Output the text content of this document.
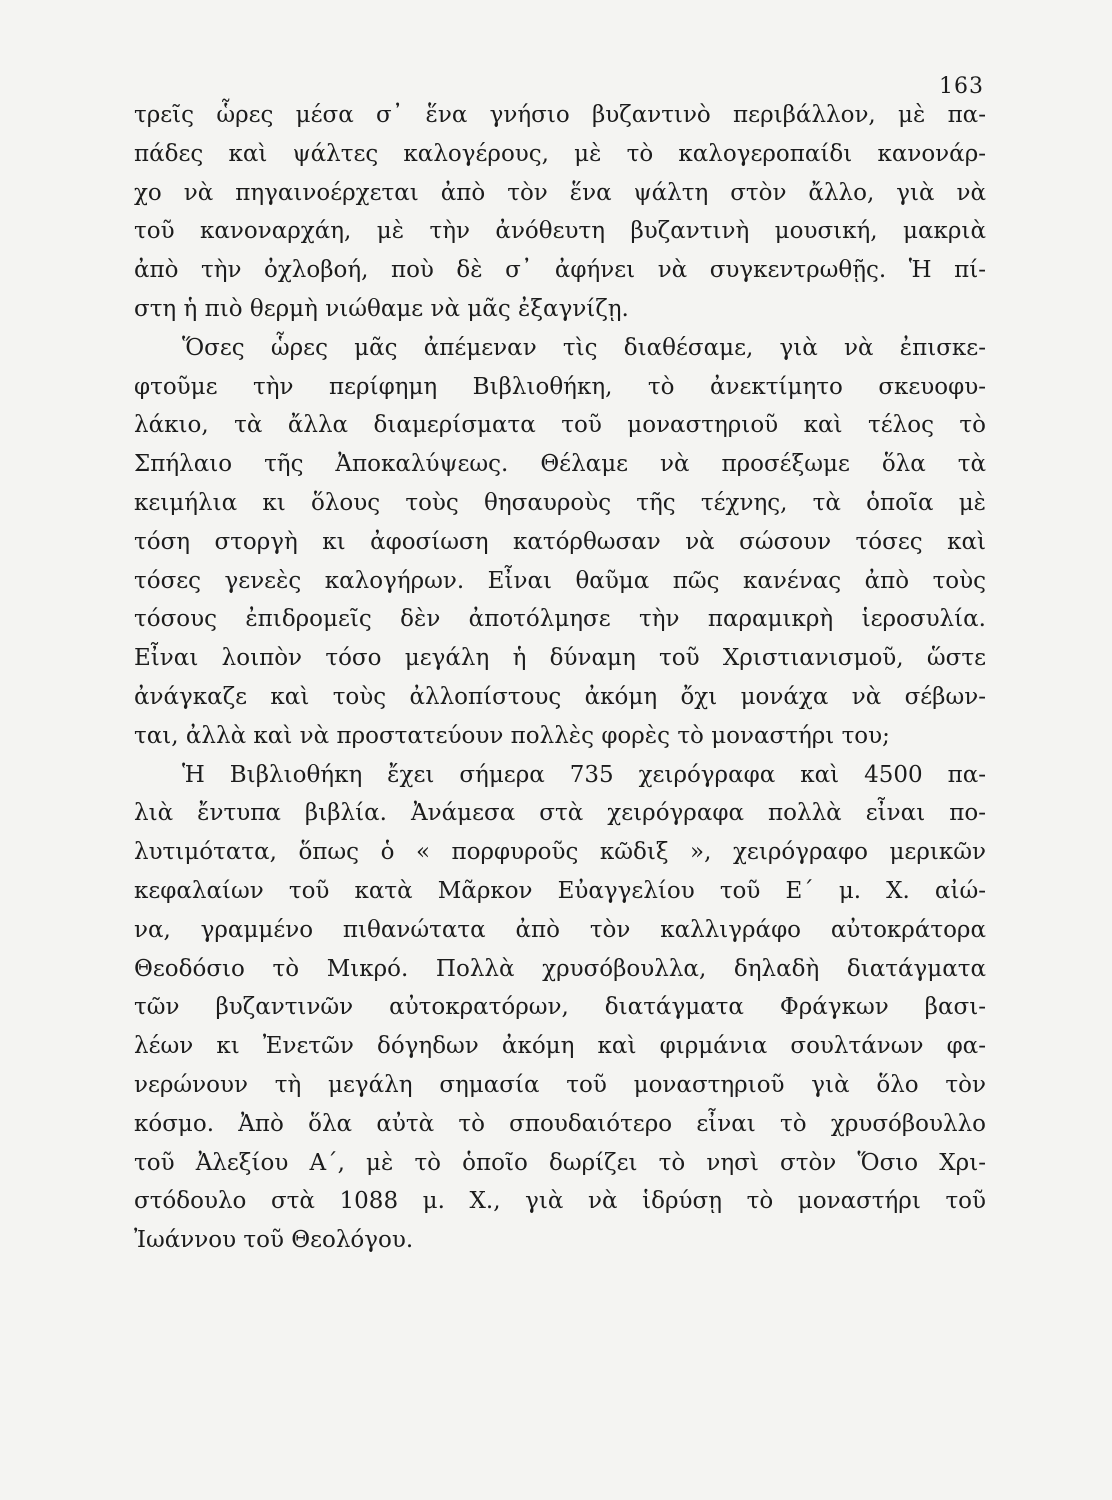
163
τρεῖς ὧρες μέσα σ᾽ ἕνα γνήσιο βυζαντινὸ περιβάλλον, μὲ πα-
πάδες καὶ ψάλτες καλογέρους, μὲ τὸ καλογεροπαίδι κανονάρ-
χο νὰ πηγαινοέρχεται ἀπὸ τὸν ἕνα ψάλτη στὸν ἄλλο, γιὰ νὰ
τοῦ κανοναρχάη, μὲ τὴν ἀνόθευτη βυζαντινὴ μουσική, μακριὰ
ἀπὸ τὴν ὀχλοβοή, ποὺ δὲ σ᾽ ἀφήνει νὰ συγκεντρωθῇς. Ἡ πί-
στη ἡ πιὸ θερμὴ νιώθαμε νὰ μᾶς ἐξαγνίζῃ.
Ὅσες ὧρες μᾶς ἀπέμεναν τὶς διαθέσαμε, γιὰ νὰ ἐπισκε-
φτοῦμε τὴν περίφημη Βιβλιοθήκη, τὸ ἀνεκτίμητο σκευοφυ-
λάκιο, τὰ ἄλλα διαμερίσματα τοῦ μοναστηριοῦ καὶ τέλος τὸ
Σπήλαιο τῆς Ἀποκαλύψεως. Θέλαμε νὰ προσέξωμε ὅλα τὰ
κειμήλια κι ὅλους τοὺς θησαυροὺς τῆς τέχνης, τὰ ὁποῖα μὲ
τόση στοργὴ κι ἀφοσίωση κατόρθωσαν νὰ σώσουν τόσες καὶ
τόσες γενεὲς καλογήρων. Εἶναι θαῦμα πῶς κανένας ἀπὸ τοὺς
τόσους ἐπιδρομεῖς δὲν ἀποτόλμησε τὴν παραμικρὴ ἱεροσυλία.
Εἶναι λοιπὸν τόσο μεγάλη ἡ δύναμη τοῦ Χριστιανισμοῦ, ὥστε
ἀνάγκαζε καὶ τοὺς ἀλλοπίστους ἀκόμη ὄχι μονάχα νὰ σέβων-
ται, ἀλλὰ καὶ νὰ προστατεύουν πολλὲς φορὲς τὸ μοναστήρι του;
Ἡ Βιβλιοθήκη ἔχει σήμερα 735 χειρόγραφα καὶ 4500 πα-
λιὰ ἔντυπα βιβλία. Ἀνάμεσα στὰ χειρόγραφα πολλὰ εἶναι πο-
λυτιμότατα, ὅπως ὁ « πορφυροῦς κῶδιξ », χειρόγραφο μερικῶν
κεφαλαίων τοῦ κατὰ Μᾶρκον Εὐαγγελίου τοῦ Ε΄ μ. Χ. αἰώ-
να, γραμμένο πιθανώτατα ἀπὸ τὸν καλλιγράφο αὐτοκράτορα
Θεοδόσιο τὸ Μικρό. Πολλὰ χρυσόβουλλα, δηλαδὴ διατάγματα
τῶν βυζαντινῶν αὐτοκρατόρων, διατάγματα Φράγκων βασι-
λέων κι Ἐνετῶν δόγηδων ἀκόμη καὶ φιρμάνια σουλτάνων φα-
νερώνουν τὴ μεγάλη σημασία τοῦ μοναστηριοῦ γιὰ ὅλο τὸν
κόσμο. Ἀπὸ ὅλα αὐτὰ τὸ σπουδαιότερο εἶναι τὸ χρυσόβουλλο
τοῦ Ἀλεξίου Α΄, μὲ τὸ ὁποῖο δωρίζει τὸ νησὶ στὸν Ὅσιο Χρι-
στόδουλο στὰ 1088 μ. Χ., γιὰ νὰ ἱδρύσῃ τὸ μοναστήρι τοῦ
Ἰωάννου τοῦ Θεολόγου.
